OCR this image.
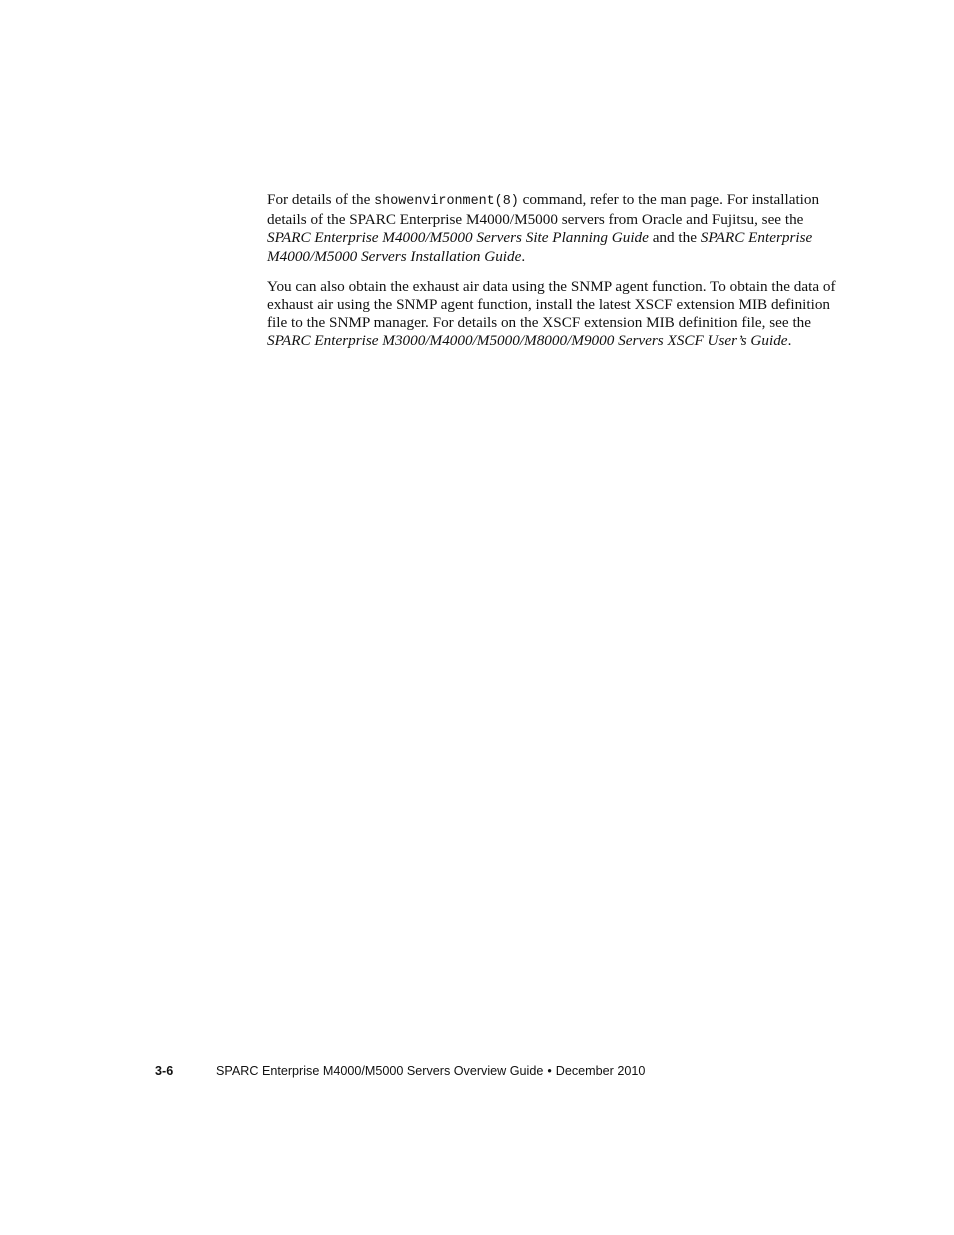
For details of the showenvironment(8) command, refer to the man page. For installation details of the SPARC Enterprise M4000/M5000 servers from Oracle and Fujitsu, see the SPARC Enterprise M4000/M5000 Servers Site Planning Guide and the SPARC Enterprise M4000/M5000 Servers Installation Guide.

You can also obtain the exhaust air data using the SNMP agent function. To obtain the data of exhaust air using the SNMP agent function, install the latest XSCF extension MIB definition file to the SNMP manager. For details on the XSCF extension MIB definition file, see the SPARC Enterprise M3000/M4000/M5000/M8000/M9000 Servers XSCF User’s Guide.

3-6	SPARC Enterprise M4000/M5000 Servers Overview Guide • December 2010
